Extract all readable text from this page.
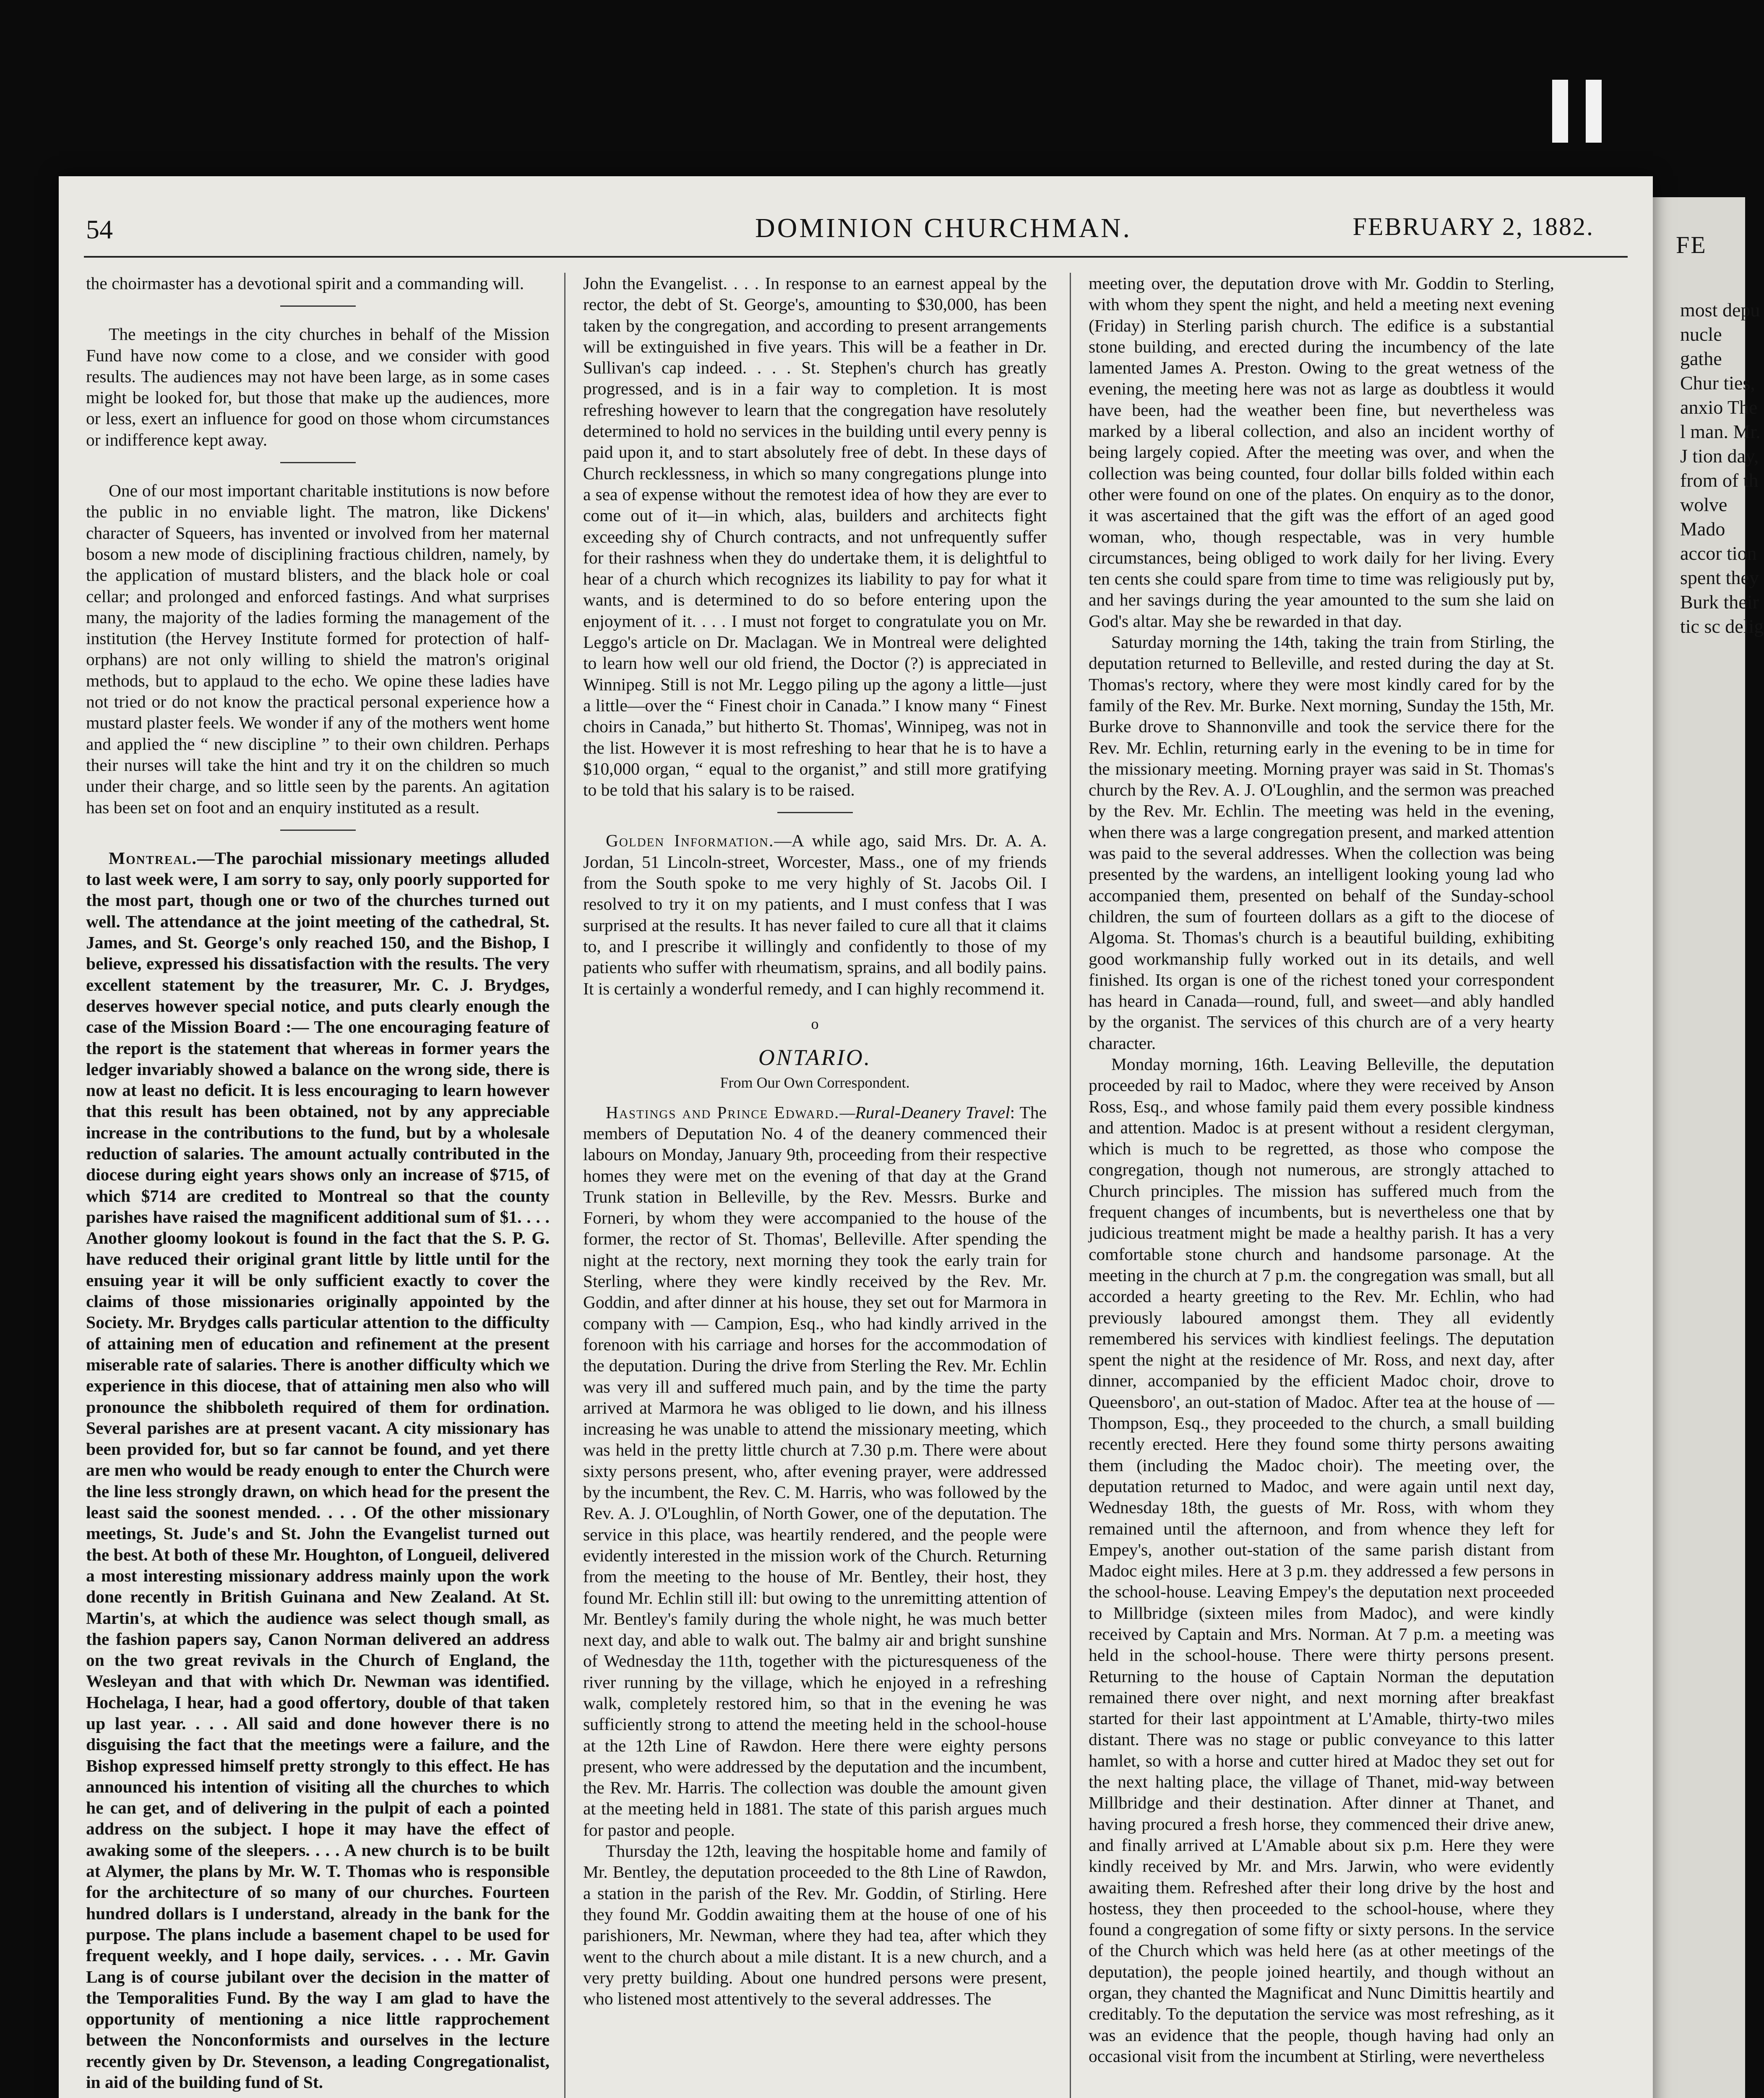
FE
most depu nucle gathe Chur ties, anxio The l man. Mr. J tion day, from of th wolve Mado accor tion spent they Burk their tic sc delig
54	DOMINION CHURCHMAN.	FEBRUARY 2, 1882.

the choirmaster has a devotional spirit and a commanding will.

The meetings in the city churches in behalf of the Mission Fund have now come to a close, and we consider with good results. The audiences may not have been large, as in some cases might be looked for, but those that make up the audiences, more or less, exert an influence for good on those whom circumstances or indifference kept away.

One of our most important charitable institutions is now before the public in no enviable light. The matron, like Dickens' character of Squeers, has invented or involved from her maternal bosom a new mode of disciplining fractious children, namely, by the application of mustard blisters, and the black hole or coal cellar; and prolonged and enforced fastings. And what surprises many, the majority of the ladies forming the management of the institution (the Hervey Institute formed for protection of half-orphans) are not only willing to shield the matron's original methods, but to applaud to the echo. We opine these ladies have not tried or do not know the practical personal experience how a mustard plaster feels. We wonder if any of the mothers went home and applied the “ new discipline ” to their own children. Perhaps their nurses will take the hint and try it on the children so much under their charge, and so little seen by the parents. An agitation has been set on foot and an enquiry instituted as a result.

Montreal.—The parochial missionary meetings alluded to last week were, I am sorry to say, only poorly supported for the most part, though one or two of the churches turned out well. The attendance at the joint meeting of the cathedral, St. James, and St. George's only reached 150, and the Bishop, I believe, expressed his dissatisfaction with the results. The very excellent statement by the treasurer, Mr. C. J. Brydges, deserves however special notice, and puts clearly enough the case of the Mission Board :— The one encouraging feature of the report is the statement that whereas in former years the ledger invariably showed a balance on the wrong side, there is now at least no deficit. It is less encouraging to learn however that this result has been obtained, not by any appreciable increase in the contributions to the fund, but by a wholesale reduction of salaries. The amount actually contributed in the diocese during eight years shows only an increase of $715, of which $714 are credited to Montreal so that the county parishes have raised the magnificent additional sum of $1. . . . Another gloomy lookout is found in the fact that the S. P. G. have reduced their original grant little by little until for the ensuing year it will be only sufficient exactly to cover the claims of those missionaries originally appointed by the Society. Mr. Brydges calls particular attention to the difficulty of attaining men of education and refinement at the present miserable rate of salaries. There is another difficulty which we experience in this diocese, that of attaining men also who will pronounce the shibboleth required of them for ordination. Several parishes are at present vacant. A city missionary has been provided for, but so far cannot be found, and yet there are men who would be ready enough to enter the Church were the line less strongly drawn, on which head for the present the least said the soonest mended. . . . Of the other missionary meetings, St. Jude's and St. John the Evangelist turned out the best. At both of these Mr. Houghton, of Longueil, delivered a most interesting missionary address mainly upon the work done recently in British Guinana and New Zealand. At St. Martin's, at which the audience was select though small, as the fashion papers say, Canon Norman delivered an address on the two great revivals in the Church of England, the Wesleyan and that with which Dr. Newman was identified. Hochelaga, I hear, had a good offertory, double of that taken up last year. . . . All said and done however there is no disguising the fact that the meetings were a failure, and the Bishop expressed himself pretty strongly to this effect. He has announced his intention of visiting all the churches to which he can get, and of delivering in the pulpit of each a pointed address on the subject. I hope it may have the effect of awaking some of the sleepers. . . . A new church is to be built at Alymer, the plans by Mr. W. T. Thomas who is responsible for the architecture of so many of our churches. Fourteen hundred dollars is I understand, already in the bank for the purpose. The plans include a basement chapel to be used for frequent weekly, and I hope daily, services. . . . Mr. Gavin Lang is of course jubilant over the decision in the matter of the Temporalities Fund. By the way I am glad to have the opportunity of mentioning a nice little rapprochement between the Nonconformists and ourselves in the lecture recently given by Dr. Stevenson, a leading Congregationalist, in aid of the building fund of St.

John the Evangelist. . . . In response to an earnest appeal by the rector, the debt of St. George's, amounting to $30,000, has been taken by the congregation, and according to present arrangements will be extinguished in five years. This will be a feather in Dr. Sullivan's cap indeed. . . . St. Stephen's church has greatly progressed, and is in a fair way to completion. It is most refreshing however to learn that the congregation have resolutely determined to hold no services in the building until every penny is paid upon it, and to start absolutely free of debt. In these days of Church recklessness, in which so many congregations plunge into a sea of expense without the remotest idea of how they are ever to come out of it—in which, alas, builders and architects fight exceeding shy of Church contracts, and not unfrequently suffer for their rashness when they do undertake them, it is delightful to hear of a church which recognizes its liability to pay for what it wants, and is determined to do so before entering upon the enjoyment of it. . . . I must not forget to congratulate you on Mr. Leggo's article on Dr. Maclagan. We in Montreal were delighted to learn how well our old friend, the Doctor (?) is appreciated in Winnipeg. Still is not Mr. Leggo piling up the agony a little—just a little—over the “ Finest choir in Canada.” I know many “ Finest choirs in Canada,” but hitherto St. Thomas', Winnipeg, was not in the list. However it is most refreshing to hear that he is to have a $10,000 organ, “ equal to the organist,” and still more gratifying to be told that his salary is to be raised.

Golden Information.—A while ago, said Mrs. Dr. A. A. Jordan, 51 Lincoln-street, Worcester, Mass., one of my friends from the South spoke to me very highly of St. Jacobs Oil. I resolved to try it on my patients, and I must confess that I was surprised at the results. It has never failed to cure all that it claims to, and I prescribe it willingly and confidently to those of my patients who suffer with rheumatism, sprains, and all bodily pains. It is certainly a wonderful remedy, and I can highly recommend it.

o
ONTARIO.
From Our Own Correspondent.

Hastings and Prince Edward.—Rural-Deanery Travel: The members of Deputation No. 4 of the deanery commenced their labours on Monday, January 9th, proceeding from their respective homes they were met on the evening of that day at the Grand Trunk station in Belleville, by the Rev. Messrs. Burke and Forneri, by whom they were accompanied to the house of the former, the rector of St. Thomas', Belleville. After spending the night at the rectory, next morning they took the early train for Sterling, where they were kindly received by the Rev. Mr. Goddin, and after dinner at his house, they set out for Marmora in company with — Campion, Esq., who had kindly arrived in the forenoon with his carriage and horses for the accommodation of the deputation. During the drive from Sterling the Rev. Mr. Echlin was very ill and suffered much pain, and by the time the party arrived at Marmora he was obliged to lie down, and his illness increasing he was unable to attend the missionary meeting, which was held in the pretty little church at 7.30 p.m. There were about sixty persons present, who, after evening prayer, were addressed by the incumbent, the Rev. C. M. Harris, who was followed by the Rev. A. J. O'Loughlin, of North Gower, one of the deputation. The service in this place, was heartily rendered, and the people were evidently interested in the mission work of the Church. Returning from the meeting to the house of Mr. Bentley, their host, they found Mr. Echlin still ill: but owing to the unremitting attention of Mr. Bentley's family during the whole night, he was much better next day, and able to walk out. The balmy air and bright sunshine of Wednesday the 11th, together with the picturesqueness of the river running by the village, which he enjoyed in a refreshing walk, completely restored him, so that in the evening he was sufficiently strong to attend the meeting held in the school-house at the 12th Line of Rawdon. Here there were eighty persons present, who were addressed by the deputation and the incumbent, the Rev. Mr. Harris. The collection was double the amount given at the meeting held in 1881. The state of this parish argues much for pastor and people.

Thursday the 12th, leaving the hospitable home and family of Mr. Bentley, the deputation proceeded to the 8th Line of Rawdon, a station in the parish of the Rev. Mr. Goddin, of Stirling. Here they found Mr. Goddin awaiting them at the house of one of his parishioners, Mr. Newman, where they had tea, after which they went to the church about a mile distant. It is a new church, and a very pretty building. About one hundred persons were present, who listened most attentively to the several addresses. The

meeting over, the deputation drove with Mr. Goddin to Sterling, with whom they spent the night, and held a meeting next evening (Friday) in Sterling parish church. The edifice is a substantial stone building, and erected during the incumbency of the late lamented James A. Preston. Owing to the great wetness of the evening, the meeting here was not as large as doubtless it would have been, had the weather been fine, but nevertheless was marked by a liberal collection, and also an incident worthy of being largely copied. After the meeting was over, and when the collection was being counted, four dollar bills folded within each other were found on one of the plates. On enquiry as to the donor, it was ascertained that the gift was the effort of an aged good woman, who, though respectable, was in very humble circumstances, being obliged to work daily for her living. Every ten cents she could spare from time to time was religiously put by, and her savings during the year amounted to the sum she laid on God's altar. May she be rewarded in that day.

Saturday morning the 14th, taking the train from Stirling, the deputation returned to Belleville, and rested during the day at St. Thomas's rectory, where they were most kindly cared for by the family of the Rev. Mr. Burke. Next morning, Sunday the 15th, Mr. Burke drove to Shannonville and took the service there for the Rev. Mr. Echlin, returning early in the evening to be in time for the missionary meeting. Morning prayer was said in St. Thomas's church by the Rev. A. J. O'Loughlin, and the sermon was preached by the Rev. Mr. Echlin. The meeting was held in the evening, when there was a large congregation present, and marked attention was paid to the several addresses. When the collection was being presented by the wardens, an intelligent looking young lad who accompanied them, presented on behalf of the Sunday-school children, the sum of fourteen dollars as a gift to the diocese of Algoma. St. Thomas's church is a beautiful building, exhibiting good workmanship fully worked out in its details, and well finished. Its organ is one of the richest toned your correspondent has heard in Canada—round, full, and sweet—and ably handled by the organist. The services of this church are of a very hearty character.

Monday morning, 16th. Leaving Belleville, the deputation proceeded by rail to Madoc, where they were received by Anson Ross, Esq., and whose family paid them every possible kindness and attention. Madoc is at present without a resident clergyman, which is much to be regretted, as those who compose the congregation, though not numerous, are strongly attached to Church principles. The mission has suffered much from the frequent changes of incumbents, but is nevertheless one that by judicious treatment might be made a healthy parish. It has a very comfortable stone church and handsome parsonage. At the meeting in the church at 7 p.m. the congregation was small, but all accorded a hearty greeting to the Rev. Mr. Echlin, who had previously laboured amongst them. They all evidently remembered his services with kindliest feelings. The deputation spent the night at the residence of Mr. Ross, and next day, after dinner, accompanied by the efficient Madoc choir, drove to Queensboro', an out-station of Madoc. After tea at the house of — Thompson, Esq., they proceeded to the church, a small building recently erected. Here they found some thirty persons awaiting them (including the Madoc choir). The meeting over, the deputation returned to Madoc, and were again until next day, Wednesday 18th, the guests of Mr. Ross, with whom they remained until the afternoon, and from whence they left for Empey's, another out-station of the same parish distant from Madoc eight miles. Here at 3 p.m. they addressed a few persons in the school-house. Leaving Empey's the deputation next proceeded to Millbridge (sixteen miles from Madoc), and were kindly received by Captain and Mrs. Norman. At 7 p.m. a meeting was held in the school-house. There were thirty persons present. Returning to the house of Captain Norman the deputation remained there over night, and next morning after breakfast started for their last appointment at L'Amable, thirty-two miles distant. There was no stage or public conveyance to this latter hamlet, so with a horse and cutter hired at Madoc they set out for the next halting place, the village of Thanet, mid-way between Millbridge and their destination. After dinner at Thanet, and having procured a fresh horse, they commenced their drive anew, and finally arrived at L'Amable about six p.m. Here they were kindly received by Mr. and Mrs. Jarwin, who were evidently awaiting them. Refreshed after their long drive by the host and hostess, they then proceeded to the school-house, where they found a congregation of some fifty or sixty persons. In the service of the Church which was held here (as at other meetings of the deputation), the people joined heartily, and though without an organ, they chanted the Magnificat and Nunc Dimittis heartily and creditably. To the deputation the service was most refreshing, as it was an evidence that the people, though having had only an occasional visit from the incumbent at Stirling, were nevertheless
